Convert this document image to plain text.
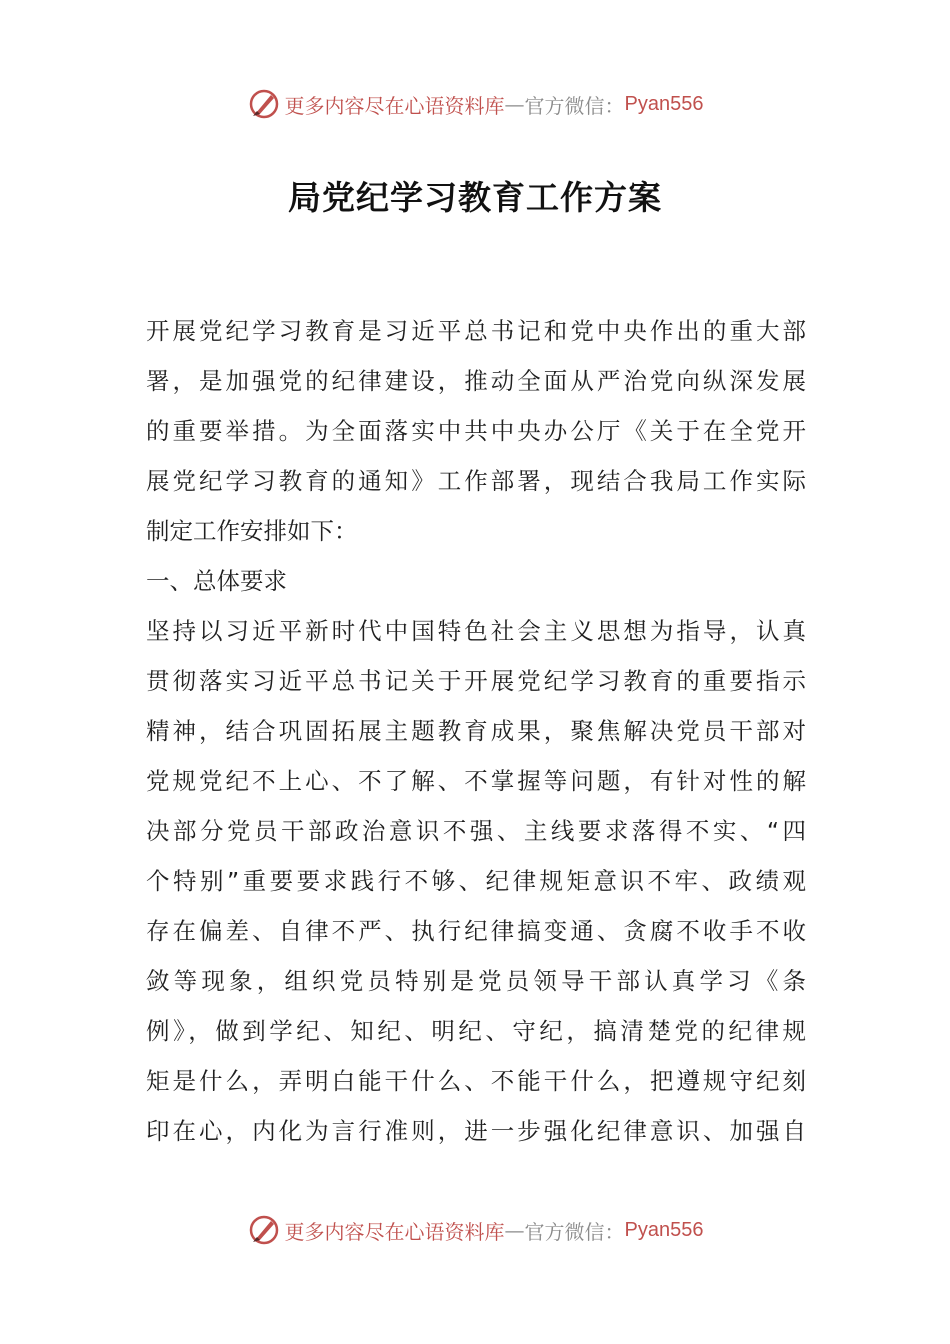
更多内容尽在心语资料库 — 官方微信： Pyan556
局党纪学习教育工作方案
开展党纪学习教育是习近平总书记和党中央作出的重大部
署，是加强党的纪律建设，推动全面从严治党向纵深发展
的重要举措。为全面落实中共中央办公厅《关于在全党开
展党纪学习教育的通知》工作部署，现结合我局工作实际
制定工作安排如下：
一、总体要求
坚持以习近平新时代中国特色社会主义思想为指导，认真
贯彻落实习近平总书记关于开展党纪学习教育的重要指示
精神，结合巩固拓展主题教育成果，聚焦解决党员干部对
党规党纪不上心、不了解、不掌握等问题，有针对性的解
决部分党员干部政治意识不强、主线要求落得不实、“四
个特别”重要要求践行不够、纪律规矩意识不牢、政绩观
存在偏差、自律不严、执行纪律搞变通、贪腐不收手不收
敛等现象，组织党员特别是党员领导干部认真学习《条
例》，做到学纪、知纪、明纪、守纪，搞清楚党的纪律规
矩是什么，弄明白能干什么、不能干什么，把遵规守纪刻
印在心，内化为言行准则，进一步强化纪律意识、加强自
更多内容尽在心语资料库 — 官方微信： Pyan556
